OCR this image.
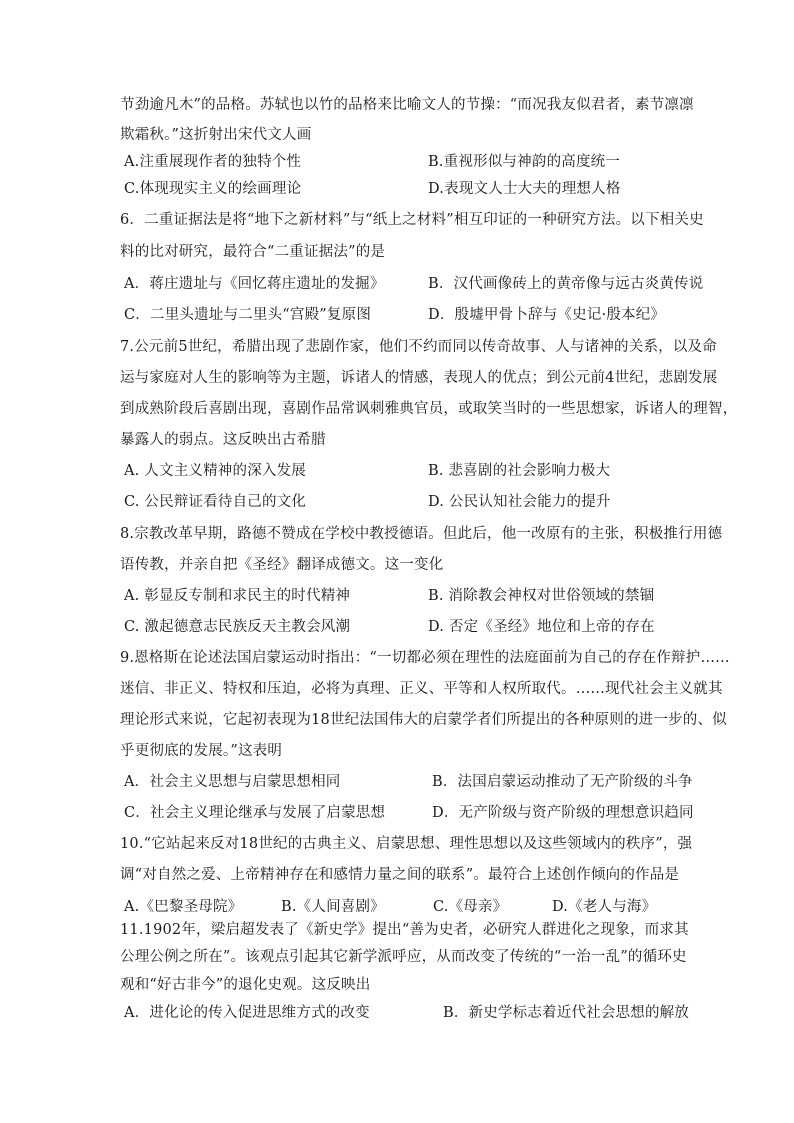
节劲逾凡木”的品格。苏轼也以竹的品格来比喻文人的节操：“而况我友似君者，素节凛凛
欺霜秋。”这折射出宋代文人画
A.注重展现作者的独特个性	B.重视形似与神韵的高度统一
C.体现现实主义的绘画理论	D.表现文人士大夫的理想人格
6．二重证据法是将“地下之新材料”与“纸上之材料”相互印证的一种研究方法。以下相关史
料的比对研究，最符合“二重证据法”的是
A．蒋庄遗址与《回忆蒋庄遗址的发掘》	B．汉代画像砖上的黄帝像与远古炎黄传说
C．二里头遗址与二里头“宫殿”复原图	D．殷墟甲骨卜辞与《史记·殷本纪》
7.公元前5世纪，希腊出现了悲剧作家，他们不约而同以传奇故事、人与诸神的关系，以及命
运与家庭对人生的影响等为主题，诉诸人的情感，表现人的优点；到公元前4世纪，悲剧发展
到成熟阶段后喜剧出现，喜剧作品常讽刺雅典官员，或取笑当时的一些思想家，诉诸人的理智，
暴露人的弱点。这反映出古希腊
A. 人文主义精神的深入发展	B. 悲喜剧的社会影响力极大
C. 公民辩证看待自己的文化	D. 公民认知社会能力的提升
8.宗教改革早期，路德不赞成在学校中教授德语。但此后，他一改原有的主张，积极推行用德
语传教，并亲自把《圣经》翻译成德文。这一变化
A. 彰显反专制和求民主的时代精神	B. 消除教会神权对世俗领域的禁锢
C. 激起德意志民族反天主教会风潮	D. 否定《圣经》地位和上帝的存在
9.恩格斯在论述法国启蒙运动时指出：“一切都必须在理性的法庭面前为自己的存在作辩护……
迷信、非正义、特权和压迫，必将为真理、正义、平等和人权所取代。……现代社会主义就其
理论形式来说，它起初表现为18世纪法国伟大的启蒙学者们所提出的各种原则的进一步的、似
乎更彻底的发展。”这表明
A．社会主义思想与启蒙思想相同	B．法国启蒙运动推动了无产阶级的斗争
C．社会主义理论继承与发展了启蒙思想	D．无产阶级与资产阶级的理想意识趋同
10.“它站起来反对18世纪的古典主义、启蒙思想、理性思想以及这些领域内的秩序”，强
调“对自然之爱、上帝精神存在和感情力量之间的联系”。最符合上述创作倾向的作品是
A.《巴黎圣母院》	B.《人间喜剧》	C.《母亲》	D.《老人与海》
11.1902年，梁启超发表了《新史学》提出“善为史者，必研究人群进化之现象，而求其
公理公例之所在”。该观点引起其它新学派呼应，从而改变了传统的“一治一乱”的循环史
观和“好古非今”的退化史观。这反映出
A．进化论的传入促进思维方式的改变	B．新史学标志着近代社会思想的解放
